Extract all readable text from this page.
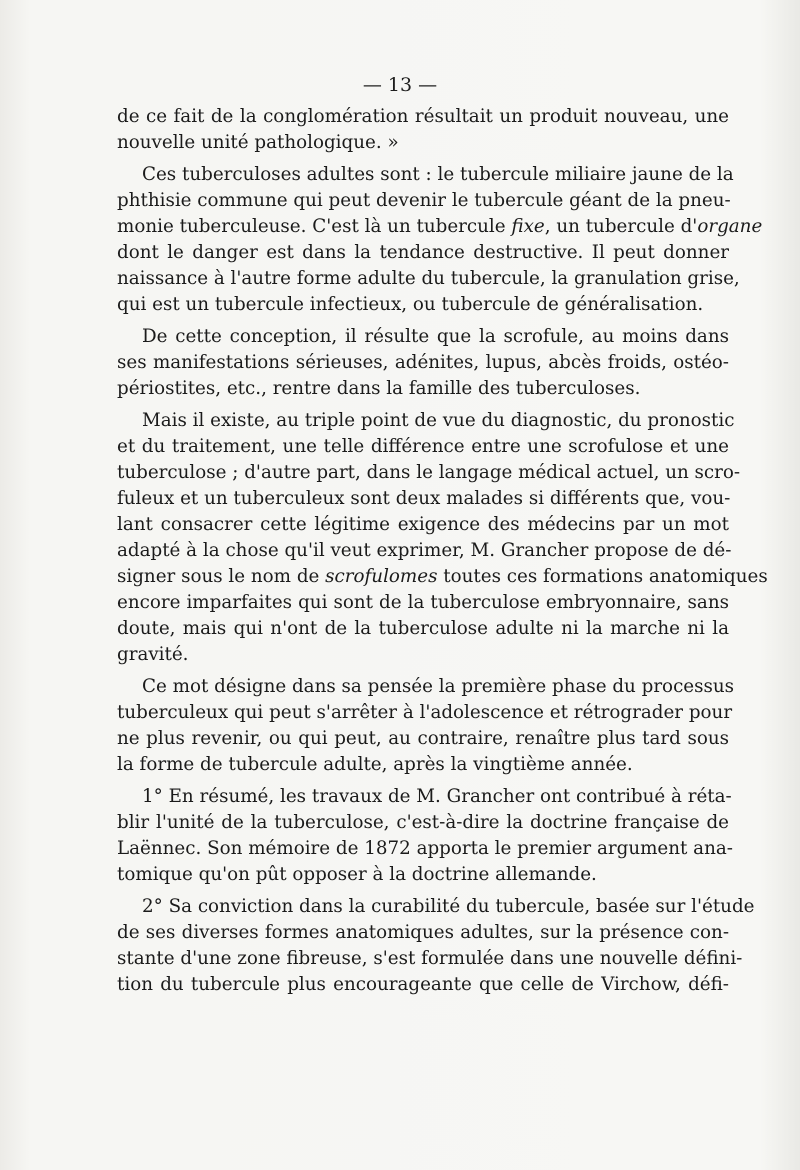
— 13 —
de ce fait de la conglomération résultait un produit nouveau, une
nouvelle unité pathologique. »
Ces tuberculoses adultes sont : le tubercule miliaire jaune de la
phthisie commune qui peut devenir le tubercule géant de la pneu-
monie tuberculeuse. C'est là un tubercule fixe, un tubercule d'organe
dont le danger est dans la tendance destructive. Il peut donner
naissance à l'autre forme adulte du tubercule, la granulation grise,
qui est un tubercule infectieux, ou tubercule de généralisation.
De cette conception, il résulte que la scrofule, au moins dans
ses manifestations sérieuses, adénites, lupus, abcès froids, ostéo-
périostites, etc., rentre dans la famille des tuberculoses.
Mais il existe, au triple point de vue du diagnostic, du pronostic
et du traitement, une telle différence entre une scrofulose et une
tuberculose ; d'autre part, dans le langage médical actuel, un scro-
fuleux et un tuberculeux sont deux malades si différents que, vou-
lant consacrer cette légitime exigence des médecins par un mot
adapté à la chose qu'il veut exprimer, M. Grancher propose de dé-
signer sous le nom de scrofulomes toutes ces formations anatomiques
encore imparfaites qui sont de la tuberculose embryonnaire, sans
doute, mais qui n'ont de la tuberculose adulte ni la marche ni la
gravité.
Ce mot désigne dans sa pensée la première phase du processus
tuberculeux qui peut s'arrêter à l'adolescence et rétrograder pour
ne plus revenir, ou qui peut, au contraire, renaître plus tard sous
la forme de tubercule adulte, après la vingtième année.
1° En résumé, les travaux de M. Grancher ont contribué à réta-
blir l'unité de la tuberculose, c'est-à-dire la doctrine française de
Laënnec. Son mémoire de 1872 apporta le premier argument ana-
tomique qu'on pût opposer à la doctrine allemande.
2° Sa conviction dans la curabilité du tubercule, basée sur l'étude
de ses diverses formes anatomiques adultes, sur la présence con-
stante d'une zone fibreuse, s'est formulée dans une nouvelle défini-
tion du tubercule plus encourageante que celle de Virchow, défi-
